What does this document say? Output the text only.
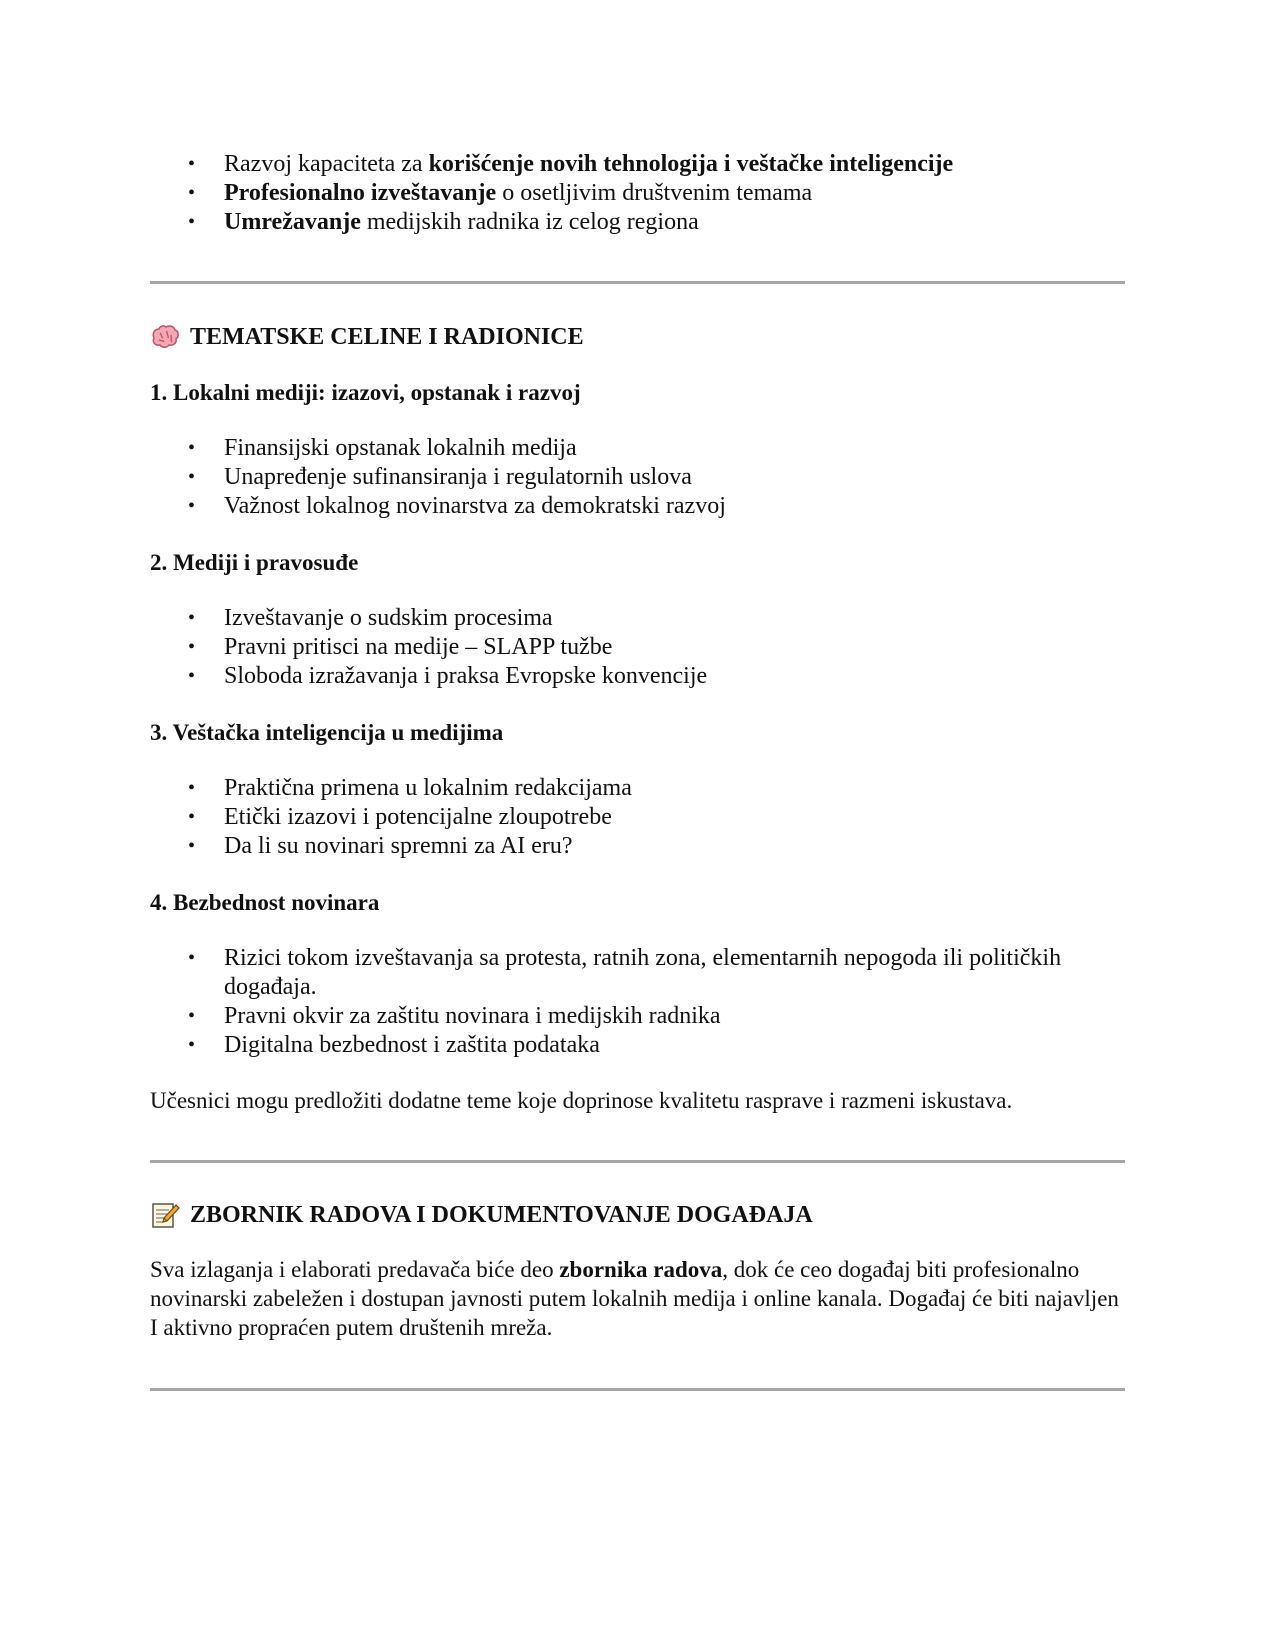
• Razvoj kapaciteta za korišćenje novih tehnologija i veštačke inteligencije
• Profesionalno izveštavanje o osetljivim društvenim temama
• Umrežavanje medijskih radnika iz celog regiona
TEMATSKE CELINE I RADIONICE

1. Lokalni mediji: izazovi, opstanak i razvoj

• Finansijski opstanak lokalnih medija
• Unapređenje sufinansiranja i regulatornih uslova
• Važnost lokalnog novinarstva za demokratski razvoj

2. Mediji i pravosuđe

• Izveštavanje o sudskim procesima
• Pravni pritisci na medije – SLAPP tužbe
• Sloboda izražavanja i praksa Evropske konvencije

3. Veštačka inteligencija u medijima

• Praktična primena u lokalnim redakcijama
• Etički izazovi i potencijalne zloupotrebe
• Da li su novinari spremni za AI eru?

4. Bezbednost novinara

• Rizici tokom izveštavanja sa protesta, ratnih zona, elementarnih nepogoda ili političkih događaja.
• Pravni okvir za zaštitu novinara i medijskih radnika
• Digitalna bezbednost i zaštita podataka

Učesnici mogu predložiti dodatne teme koje doprinose kvalitetu rasprave i razmeni iskustava.

ZBORNIK RADOVA I DOKUMENTOVANJE DOGAĐAJA

Sva izlaganja i elaborati predavača biće deo zbornika radova, dok će ceo događaj biti profesionalno novinarski zabeležen i dostupan javnosti putem lokalnih medija i online kanala. Događaj će biti najavljen I aktivno propraćen putem društenih mreža.
